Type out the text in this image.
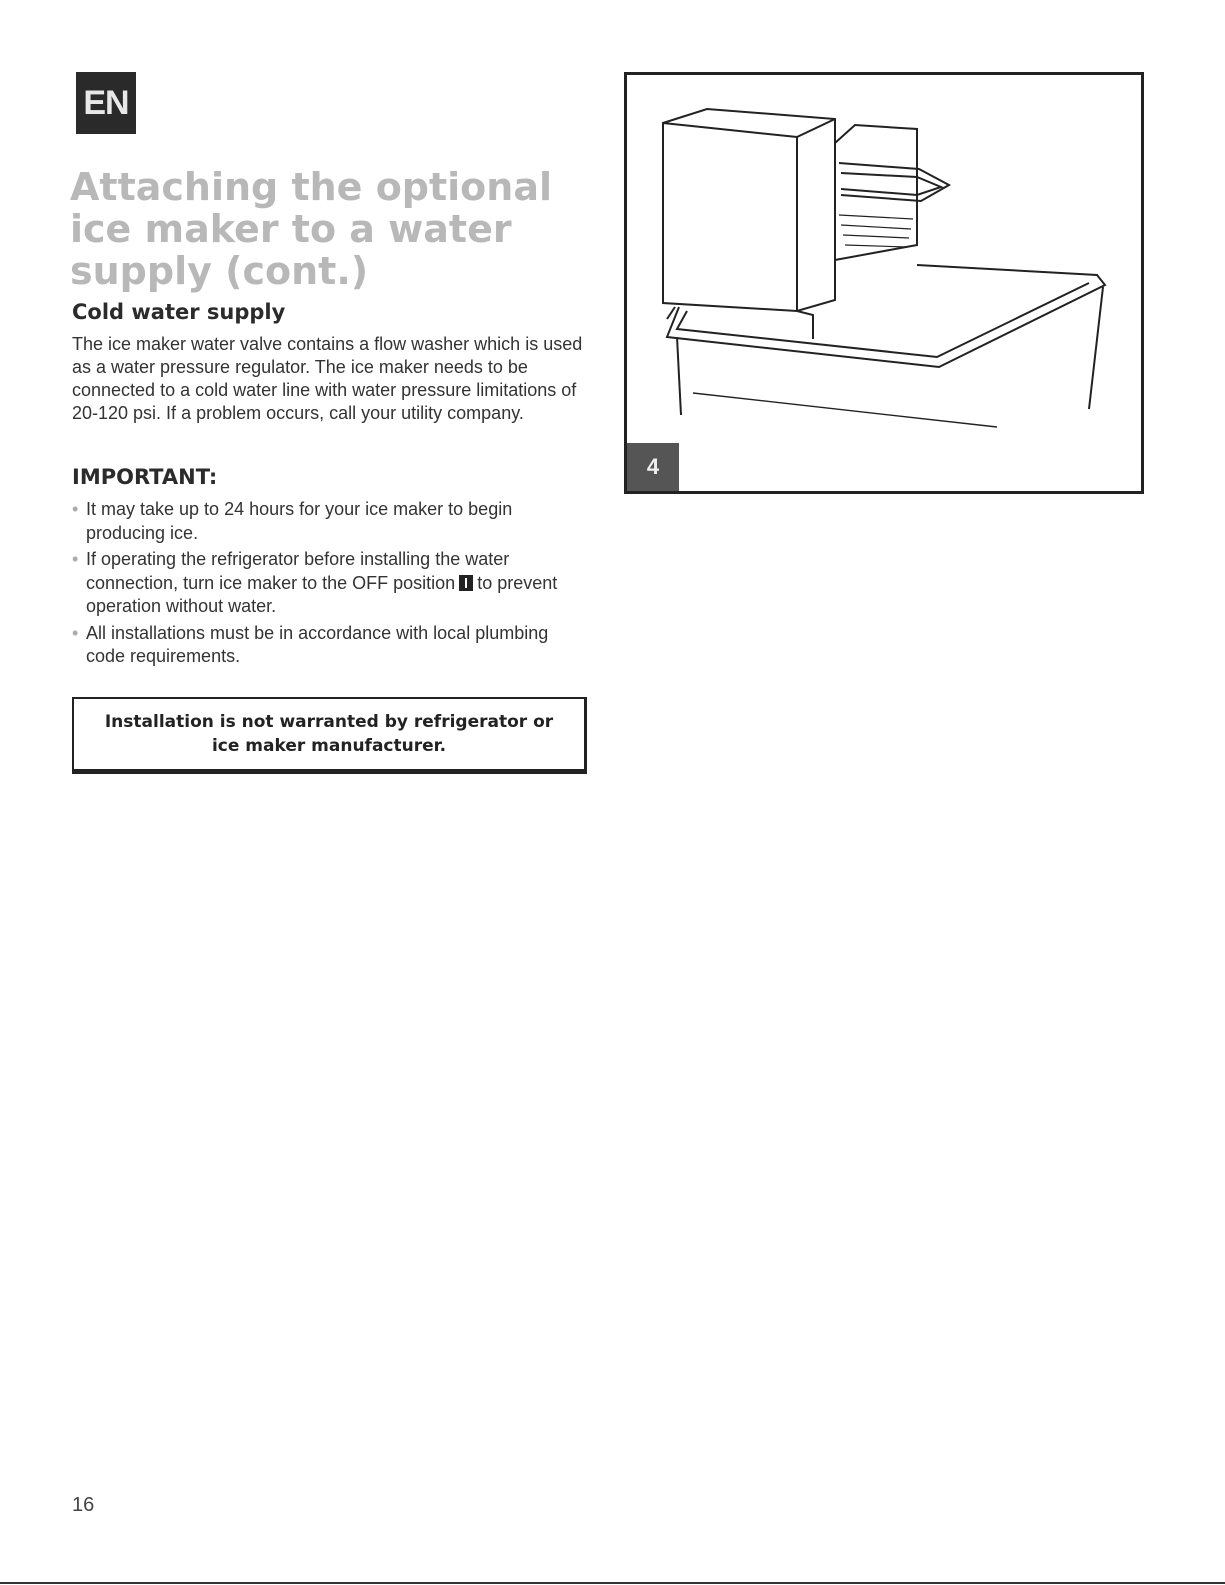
EN
Attaching the optional ice maker to a water supply (cont.)
Cold water supply

The ice maker water valve contains a flow washer which is used as a water pressure regulator. The ice maker needs to be connected to a cold water line with water pressure limitations of 20-120 psi. If a problem occurs, call your utility company.

IMPORTANT:
• It may take up to 24 hours for your ice maker to begin producing ice.
• If operating the refrigerator before installing the water connection, turn ice maker to the OFF position to prevent operation without water.
• All installations must be in accordance with local plumbing code requirements.
Installation is not warranted by refrigerator or ice maker manufacturer.
4
16
